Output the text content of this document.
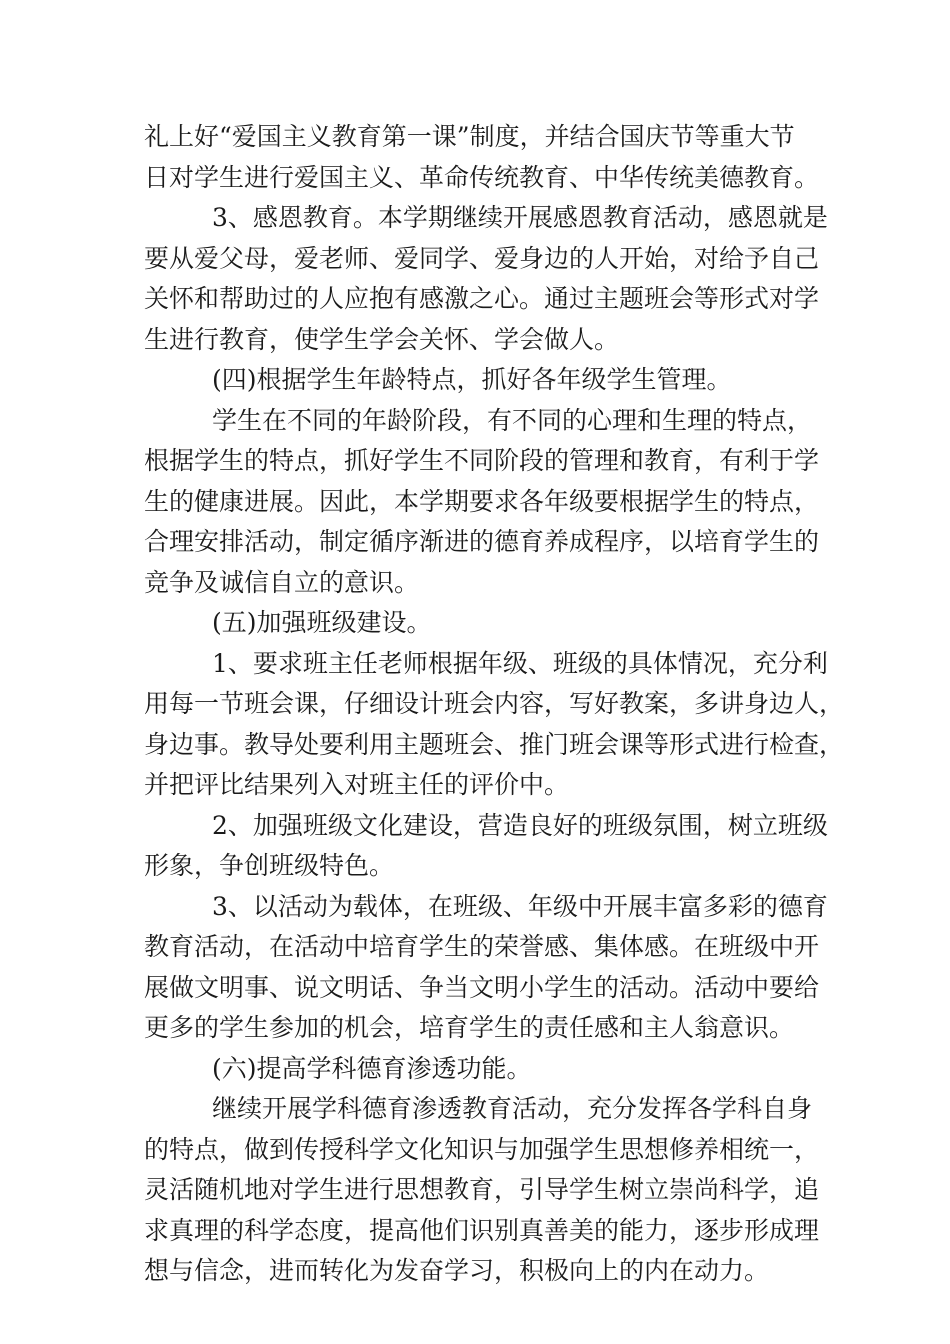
礼上好“爱国主义教育第一课”制度，并结合国庆节等重大节
日对学生进行爱国主义、革命传统教育、中华传统美德教育。
3、感恩教育。本学期继续开展感恩教育活动，感恩就是
要从爱父母，爱老师、爱同学、爱身边的人开始，对给予自己
关怀和帮助过的人应抱有感激之心。通过主题班会等形式对学
生进行教育，使学生学会关怀、学会做人。
(四)根据学生年龄特点，抓好各年级学生管理。
学生在不同的年龄阶段，有不同的心理和生理的特点，
根据学生的特点，抓好学生不同阶段的管理和教育，有利于学
生的健康进展。因此，本学期要求各年级要根据学生的特点，
合理安排活动，制定循序渐进的德育养成程序，以培育学生的
竞争及诚信自立的意识。
(五)加强班级建设。
1、要求班主任老师根据年级、班级的具体情况，充分利
用每一节班会课，仔细设计班会内容，写好教案，多讲身边人，
身边事。教导处要利用主题班会、推门班会课等形式进行检查，
并把评比结果列入对班主任的评价中。
2、加强班级文化建设，营造良好的班级氛围，树立班级
形象，争创班级特色。
3、以活动为载体，在班级、年级中开展丰富多彩的德育
教育活动，在活动中培育学生的荣誉感、集体感。在班级中开
展做文明事、说文明话、争当文明小学生的活动。活动中要给
更多的学生参加的机会，培育学生的责任感和主人翁意识。
(六)提高学科德育渗透功能。
继续开展学科德育渗透教育活动，充分发挥各学科自身
的特点，做到传授科学文化知识与加强学生思想修养相统一，
灵活随机地对学生进行思想教育，引导学生树立崇尚科学，追
求真理的科学态度，提高他们识别真善美的能力，逐步形成理
想与信念，进而转化为发奋学习，积极向上的内在动力。
